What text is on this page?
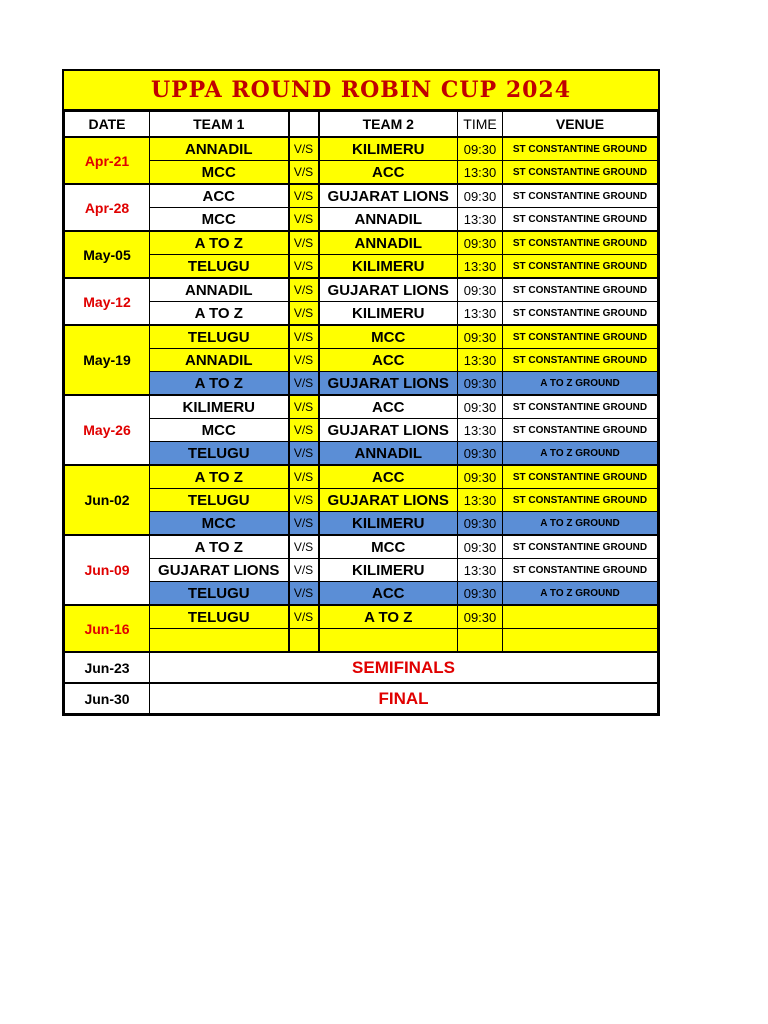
UPPA ROUND ROBIN CUP 2024
DATE	TEAM 1		TEAM 2	TIME	VENUE
Apr-21	ANNADIL	V/S	KILIMERU	09:30	ST CONSTANTINE GROUND
	MCC	V/S	ACC	13:30	ST CONSTANTINE GROUND
Apr-28	ACC	V/S	GUJARAT LIONS	09:30	ST CONSTANTINE GROUND
	MCC	V/S	ANNADIL	13:30	ST CONSTANTINE GROUND
May-05	A TO Z	V/S	ANNADIL	09:30	ST CONSTANTINE GROUND
	TELUGU	V/S	KILIMERU	13:30	ST CONSTANTINE GROUND
May-12	ANNADIL	V/S	GUJARAT LIONS	09:30	ST CONSTANTINE GROUND
	A TO Z	V/S	KILIMERU	13:30	ST CONSTANTINE GROUND
May-19	TELUGU	V/S	MCC	09:30	ST CONSTANTINE GROUND
	ANNADIL	V/S	ACC	13:30	ST CONSTANTINE GROUND
	A TO Z	V/S	GUJARAT LIONS	09:30	A TO Z GROUND
May-26	KILIMERU	V/S	ACC	09:30	ST CONSTANTINE GROUND
	MCC	V/S	GUJARAT LIONS	13:30	ST CONSTANTINE GROUND
	TELUGU	V/S	ANNADIL	09:30	A TO Z GROUND
Jun-02	A TO Z	V/S	ACC	09:30	ST CONSTANTINE GROUND
	TELUGU	V/S	GUJARAT LIONS	13:30	ST CONSTANTINE GROUND
	MCC	V/S	KILIMERU	09:30	A TO Z GROUND
Jun-09	A TO Z	V/S	MCC	09:30	ST CONSTANTINE GROUND
	GUJARAT LIONS	V/S	KILIMERU	13:30	ST CONSTANTINE GROUND
	TELUGU	V/S	ACC	09:30	A TO Z GROUND
Jun-16	TELUGU	V/S	A TO Z	09:30	

Jun-23	SEMIFINALS				
Jun-30	FINAL				
